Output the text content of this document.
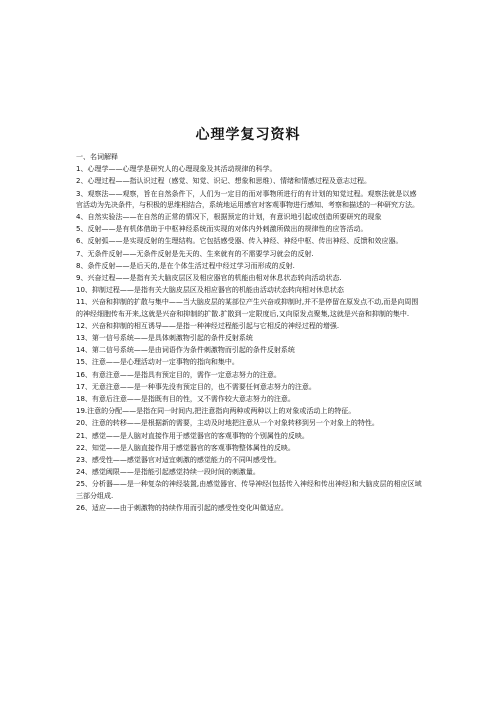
心理学复习资料
一、名词解释
1、心理学——心理学是研究人的心理现象及其活动规律的科学。
2、心理过程——指认识过程（感觉、知觉、识记、想象和思维）、情绪和情感过程及意志过程。
3、观察法——观察，旨在自然条件下，人们为一定目的而对事物所进行的有计划的知觉过程。观察法就是以感官活动为先决条件，与积极的思维相结合，系统地运用感官对客观事物进行感知、考察和描述的一种研究方法。
4、自然实验法——在自然的正常的情况下，根据预定的计划，有意识地引起或创造所要研究的现象
5、反射——是有机体借助于中枢神经系统而实现的对体内外刺激所做出的规律性的应答活动。
6、反射弧——是实现反射的生理结构。它包括感受器、传入神经、神经中枢、传出神经、反馈和效应器。
7、无条件反射——无条件反射是先天的、生来就有的不需要学习就会的反射.
8、条件反射——是后天的,是在个体生活过程中经过学习而形成的反射.
9、兴奋过程——是指有关大脑皮层区及相应器官的机能由相对休息状态转向活动状态.
10、抑制过程——是指有关大脑皮层区及相应器官的机能由活动状态转向相对休息状态
11、兴奋和抑制的扩散与集中——当大脑皮层的某部位产生兴奋或抑制时,并不是停留在原发点不动,而是向周围的神经细胞传布开来,这就是兴奋和抑制的扩散.扩散到一定限度后,又向原发点聚集,这就是兴奋和抑制的集中.
12、兴奋和抑制的相互诱导——是指一种神经过程能引起与它相反的神经过程的增强.
13、第一信号系统——是具体刺激物引起的条件反射系统
14、第二信号系统——是由词语作为条件刺激物而引起的条件反射系统
15、注意——是心理活动对一定事物的指向和集中。
16、有意注意——是指具有预定目的，需作一定意志努力的注意。
17、无意注意——是一种事先没有预定目的，也不需要任何意志努力的注意。
18、有意后注意——是指既有目的性，又不需作较大意志努力的注意。
19.注意的分配——是指在同一时间内,把注意指向两种或两种以上的对象或活动上的特征。
20、注意的转移——是根据新的需要，主动及时地把注意从一个对象转移到另一个对象上的特性。
21、感觉——是人脑对直接作用于感觉器官的客观事物的个别属性的反映。
22、知觉——是人脑直接作用于感觉器官的客观事物整体属性的反映。
23、感受性——感觉器官对适宜刺激的感觉能力的不同叫感受性。
24、感觉阈限——是指能引起感觉持续一段时间的刺激量。
25、分析器——是一种复杂的神经装置,由感觉器官、传导神经(包括传入神经和传出神经)和大脑皮层的相应区域三部分组成.
26、适应——由于刺激物的持续作用而引起的感受性变化叫做适应。
